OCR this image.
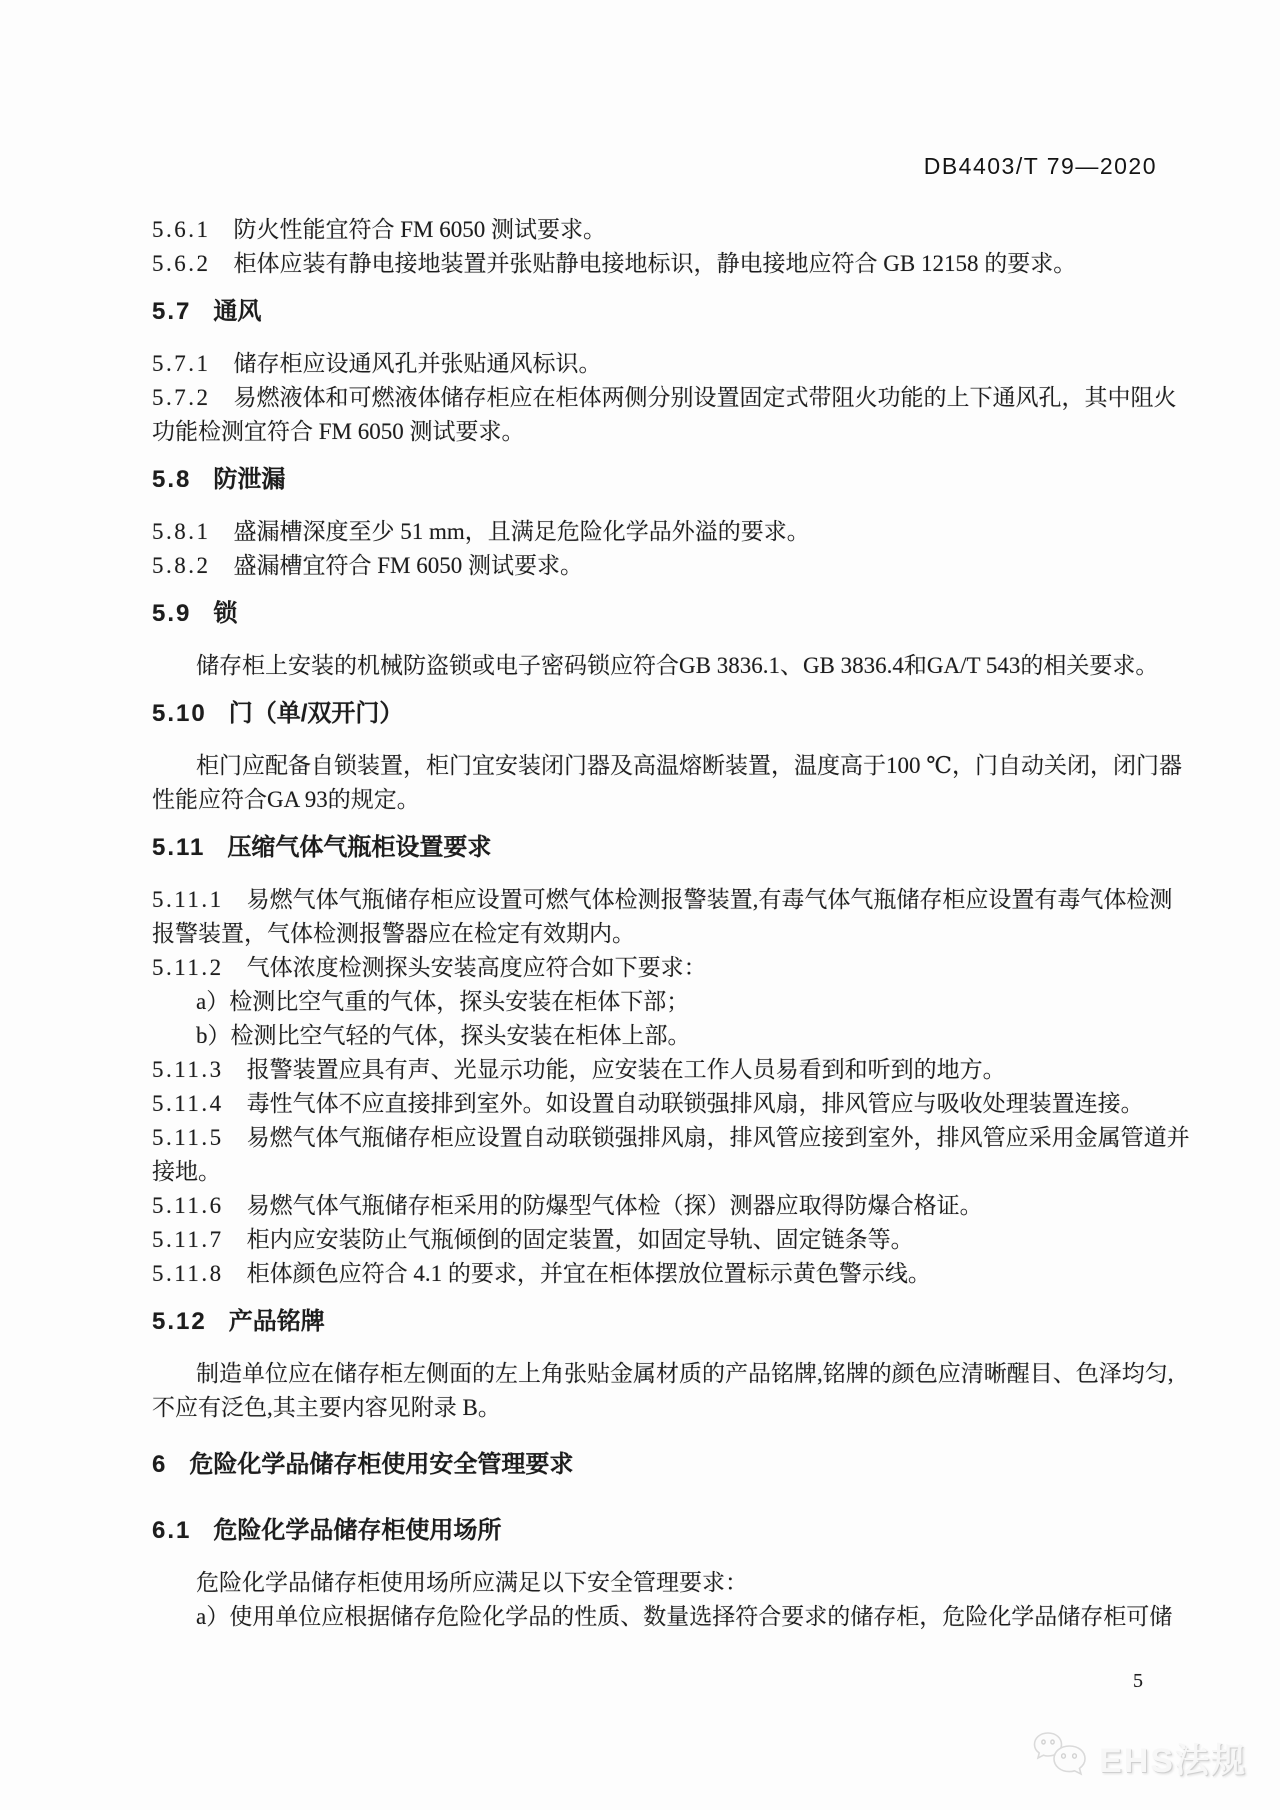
DB4403/T 79—2020
5.6.1 防火性能宜符合 FM 6050 测试要求。
5.6.2 柜体应装有静电接地装置并张贴静电接地标识，静电接地应符合 GB 12158 的要求。
5.7 通风
5.7.1 储存柜应设通风孔并张贴通风标识。
5.7.2 易燃液体和可燃液体储存柜应在柜体两侧分别设置固定式带阻火功能的上下通风孔，其中阻火
功能检测宜符合 FM 6050 测试要求。
5.8 防泄漏
5.8.1 盛漏槽深度至少 51 mm，且满足危险化学品外溢的要求。
5.8.2 盛漏槽宜符合 FM 6050 测试要求。
5.9 锁
储存柜上安装的机械防盗锁或电子密码锁应符合GB 3836.1、GB 3836.4和GA/T 543的相关要求。
5.10 门（单/双开门）
柜门应配备自锁装置，柜门宜安装闭门器及高温熔断装置，温度高于100 ℃，门自动关闭，闭门器
性能应符合GA 93的规定。
5.11 压缩气体气瓶柜设置要求
5.11.1 易燃气体气瓶储存柜应设置可燃气体检测报警装置,有毒气体气瓶储存柜应设置有毒气体检测
报警装置，气体检测报警器应在检定有效期内。
5.11.2 气体浓度检测探头安装高度应符合如下要求：
a）检测比空气重的气体，探头安装在柜体下部；
b）检测比空气轻的气体，探头安装在柜体上部。
5.11.3 报警装置应具有声、光显示功能，应安装在工作人员易看到和听到的地方。
5.11.4 毒性气体不应直接排到室外。如设置自动联锁强排风扇，排风管应与吸收处理装置连接。
5.11.5 易燃气体气瓶储存柜应设置自动联锁强排风扇，排风管应接到室外，排风管应采用金属管道并
接地。
5.11.6 易燃气体气瓶储存柜采用的防爆型气体检（探）测器应取得防爆合格证。
5.11.7 柜内应安装防止气瓶倾倒的固定装置，如固定导轨、固定链条等。
5.11.8 柜体颜色应符合 4.1 的要求，并宜在柜体摆放位置标示黄色警示线。
5.12 产品铭牌
制造单位应在储存柜左侧面的左上角张贴金属材质的产品铭牌,铭牌的颜色应清晰醒目、色泽均匀,
不应有泛色,其主要内容见附录 B。
6 危险化学品储存柜使用安全管理要求
6.1 危险化学品储存柜使用场所
危险化学品储存柜使用场所应满足以下安全管理要求：
a）使用单位应根据储存危险化学品的性质、数量选择符合要求的储存柜，危险化学品储存柜可储
5
EHS法规
